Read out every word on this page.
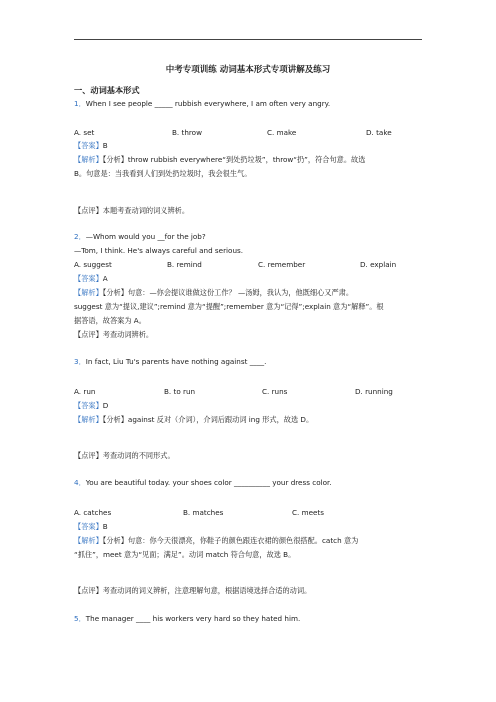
中考专项训练 动词基本形式专项讲解及练习
一、动词基本形式
1．When I see people _____ rubbish everywhere, I am often very angry.
A. set	B. throw	C. make	D. take
【答案】B
【解析】【分析】throw rubbish everywhere“到处扔垃圾”，throw“扔”，符合句意。故选
B。句意是：当我看到人们到处扔垃圾时，我会很生气。
【点评】本题考查动词的词义辨析。
2．—Whom would you __for the job?
—Tom, I think. He's always careful and serious.
A. suggest	B. remind	C. remember	D. explain
【答案】A
【解析】【分析】句意：—你会提议谁做这份工作？ —汤姆，我认为，他既细心又严肃。
suggest 意为“提议,建议”;remind 意为“提醒”;remember 意为“记得”;explain 意为“解释”。根
据答语，故答案为 A。
【点评】考查动词辨析。
3．In fact, Liu Tu's parents have nothing against ____.
A. run	B. to run	C. runs	D. running
【答案】D
【解析】【分析】against 反对（介词），介词后跟动词 ing 形式，故选 D。
【点评】考查动词的不同形式。
4．You are beautiful today. your shoes color __________ your dress color.
A. catches	B. matches	C. meets
【答案】B
【解析】【分析】句意：你今天很漂亮，你鞋子的颜色跟连衣裙的颜色很搭配。catch 意为
“抓住”，meet 意为“见面；满足”。动词 match 符合句意，故选 B。
【点评】考查动词的词义辨析，注意理解句意，根据语境选择合适的动词。
5．The manager ____ his workers very hard so they hated him.
